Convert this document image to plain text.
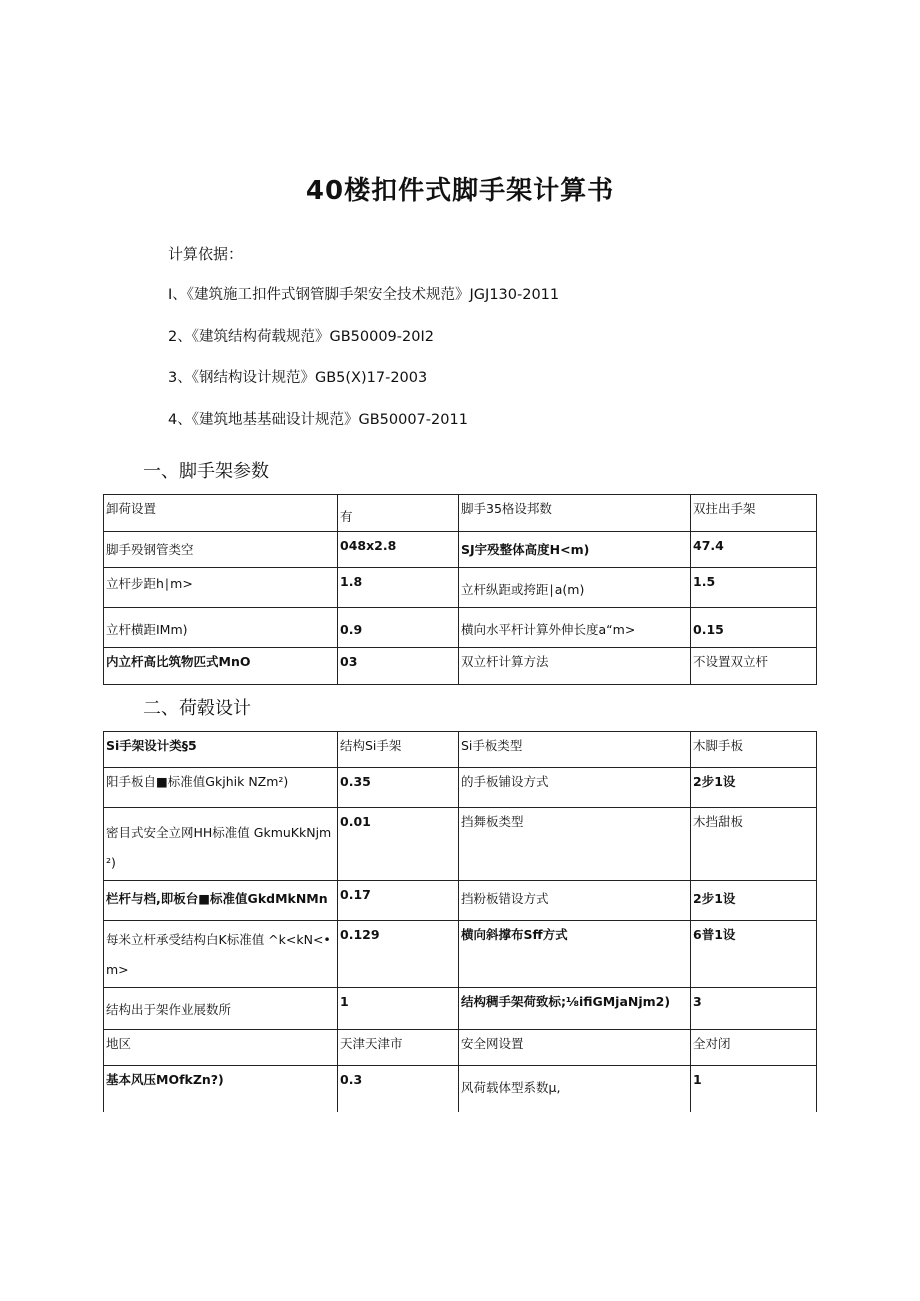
40楼扣件式脚手架计算书
计算依据：
I、《建筑施工扣件式钢管脚手架安全技术规范》JGJ130-2011
2、《建筑结构荷载规范》GB50009-20I2
3、《钢结构设计规范》GB5(X)17-2003
4、《建筑地基基础设计规范》GB50007-2011
一、脚手架参数
卸荷设置	有	脚手35格设邦数	双拄出手架
脚手殁钢管类空	048x2.8	SJ宇殁整体高度H<m)	47.4
立杆步距h∣m>	1.8	立杆纵距或挎距∣a(m)	1.5
立杆横距IMm)	0.9	横向水平杆计算外伸长度a“m>	0.15
内立杆高比筑物匹式MnO	03	双立杆计算方法	不设置双立杆
二、荷毂设计
Si手架设计类§5	结构Si手架	Si手板类型	木脚手板
阳手板自■标准值Gkjhik NZm²)	0.35	的手板铺设方式	2步1设
密目式安全立网HH标准值 GkmuKkNjm²)	0.01	挡舞板类型	木挡甜板
栏杆与档,即板台■标准值GkdMkNMn	0.17	挡粉板错设方式	2步1设
每米立杆承受结构白K标准值 ^k<kN<•m>	0.129	横向斜撑布Sff方式	6普1设
结构出于架作业展数所	1	结构稠手架荷致标;⅛ifiGMjaNjm2)	3
地区	天津天津市	安全网设置	全对闭
基本风压MOfkZn?)	0.3	风荷载体型系数μ,	1
